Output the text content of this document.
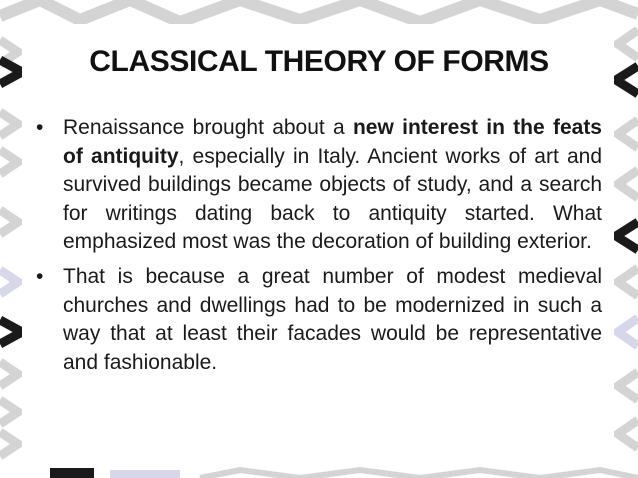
CLASSICAL THEORY OF FORMS
• Renaissance brought about a new interest in the feats of antiquity, especially in Italy. Ancient works of art and survived buildings became objects of study, and a search for writings dating back to antiquity started. What emphasized most was the decoration of building exterior.
• That is because a great number of modest medieval churches and dwellings had to be modernized in such a way that at least their facades would be representative and fashionable.
